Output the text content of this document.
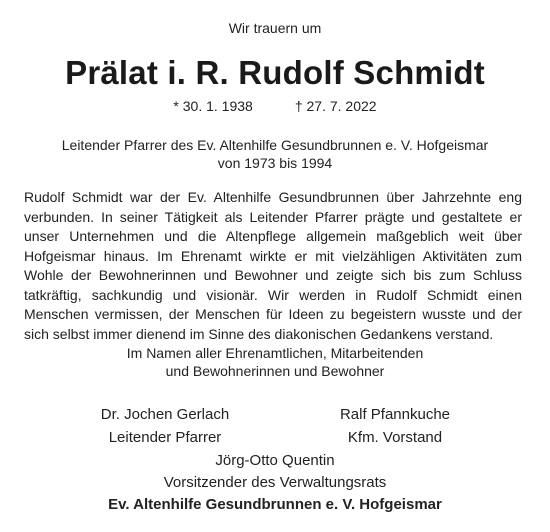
Wir trauern um
Prälat i. R. Rudolf Schmidt
* 30. 1. 1938	† 27. 7. 2022
Leitender Pfarrer des Ev. Altenhilfe Gesundbrunnen e. V. Hofgeismar
von 1973 bis 1994
Rudolf Schmidt war der Ev. Altenhilfe Gesundbrunnen über Jahrzehnte eng verbunden. In seiner Tätigkeit als Leitender Pfarrer prägte und gestaltete er unser Unternehmen und die Altenpflege allgemein maßgeblich weit über Hofgeismar hinaus. Im Ehrenamt wirkte er mit vielzähligen Aktivitäten zum Wohle der Bewohnerinnen und Bewohner und zeigte sich bis zum Schluss tatkräftig, sachkundig und visionär. Wir werden in Rudolf Schmidt einen Menschen vermissen, der Menschen für Ideen zu begeistern wusste und der sich selbst immer dienend im Sinne des diakonischen Gedankens verstand.
Im Namen aller Ehrenamtlichen, Mitarbeitenden
und Bewohnerinnen und Bewohner
Dr. Jochen Gerlach	Ralf Pfannkuche
Leitender Pfarrer	Kfm. Vorstand
Jörg-Otto Quentin
Vorsitzender des Verwaltungsrats
Ev. Altenhilfe Gesundbrunnen e. V. Hofgeismar
